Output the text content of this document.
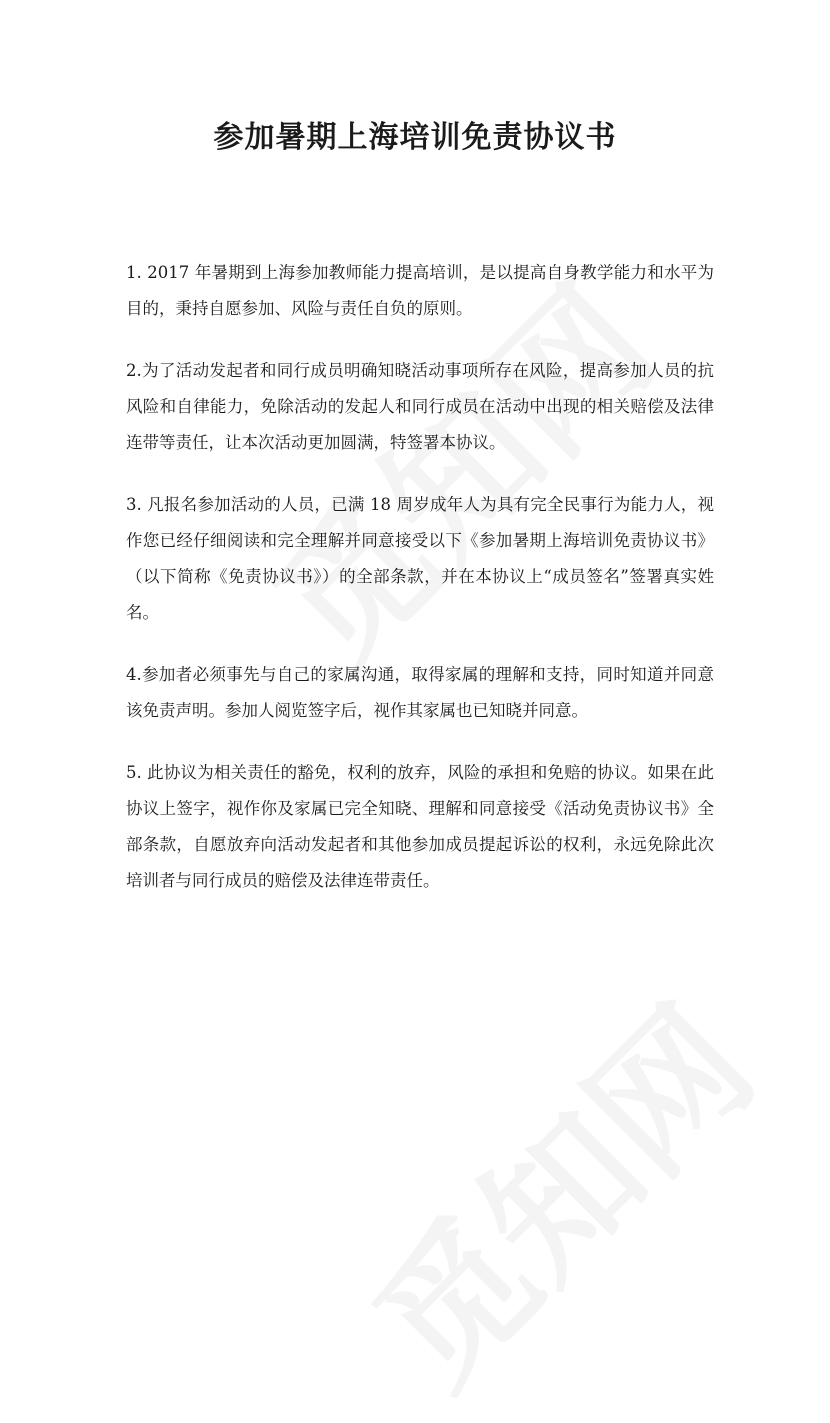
参加暑期上海培训免责协议书

1. 2017 年暑期到上海参加教师能力提高培训，是以提高自身教学能力和水平为目的，秉持自愿参加、风险与责任自负的原则。

2.为了活动发起者和同行成员明确知晓活动事项所存在风险，提高参加人员的抗风险和自律能力，免除活动的发起人和同行成员在活动中出现的相关赔偿及法律连带等责任，让本次活动更加圆满，特签署本协议。

3. 凡报名参加活动的人员，已满 18 周岁成年人为具有完全民事行为能力人，视作您已经仔细阅读和完全理解并同意接受以下《参加暑期上海培训免责协议书》（以下简称《免责协议书》）的全部条款，并在本协议上“成员签名”签署真实姓名。

4.参加者必须事先与自己的家属沟通，取得家属的理解和支持，同时知道并同意该免责声明。参加人阅览签字后，视作其家属也已知晓并同意。

5. 此协议为相关责任的豁免，权利的放弃，风险的承担和免赔的协议。如果在此协议上签字，视作你及家属已完全知晓、理解和同意接受《活动免责协议书》全部条款，自愿放弃向活动发起者和其他参加成员提起诉讼的权利，永远免除此次培训者与同行成员的赔偿及法律连带责任。
